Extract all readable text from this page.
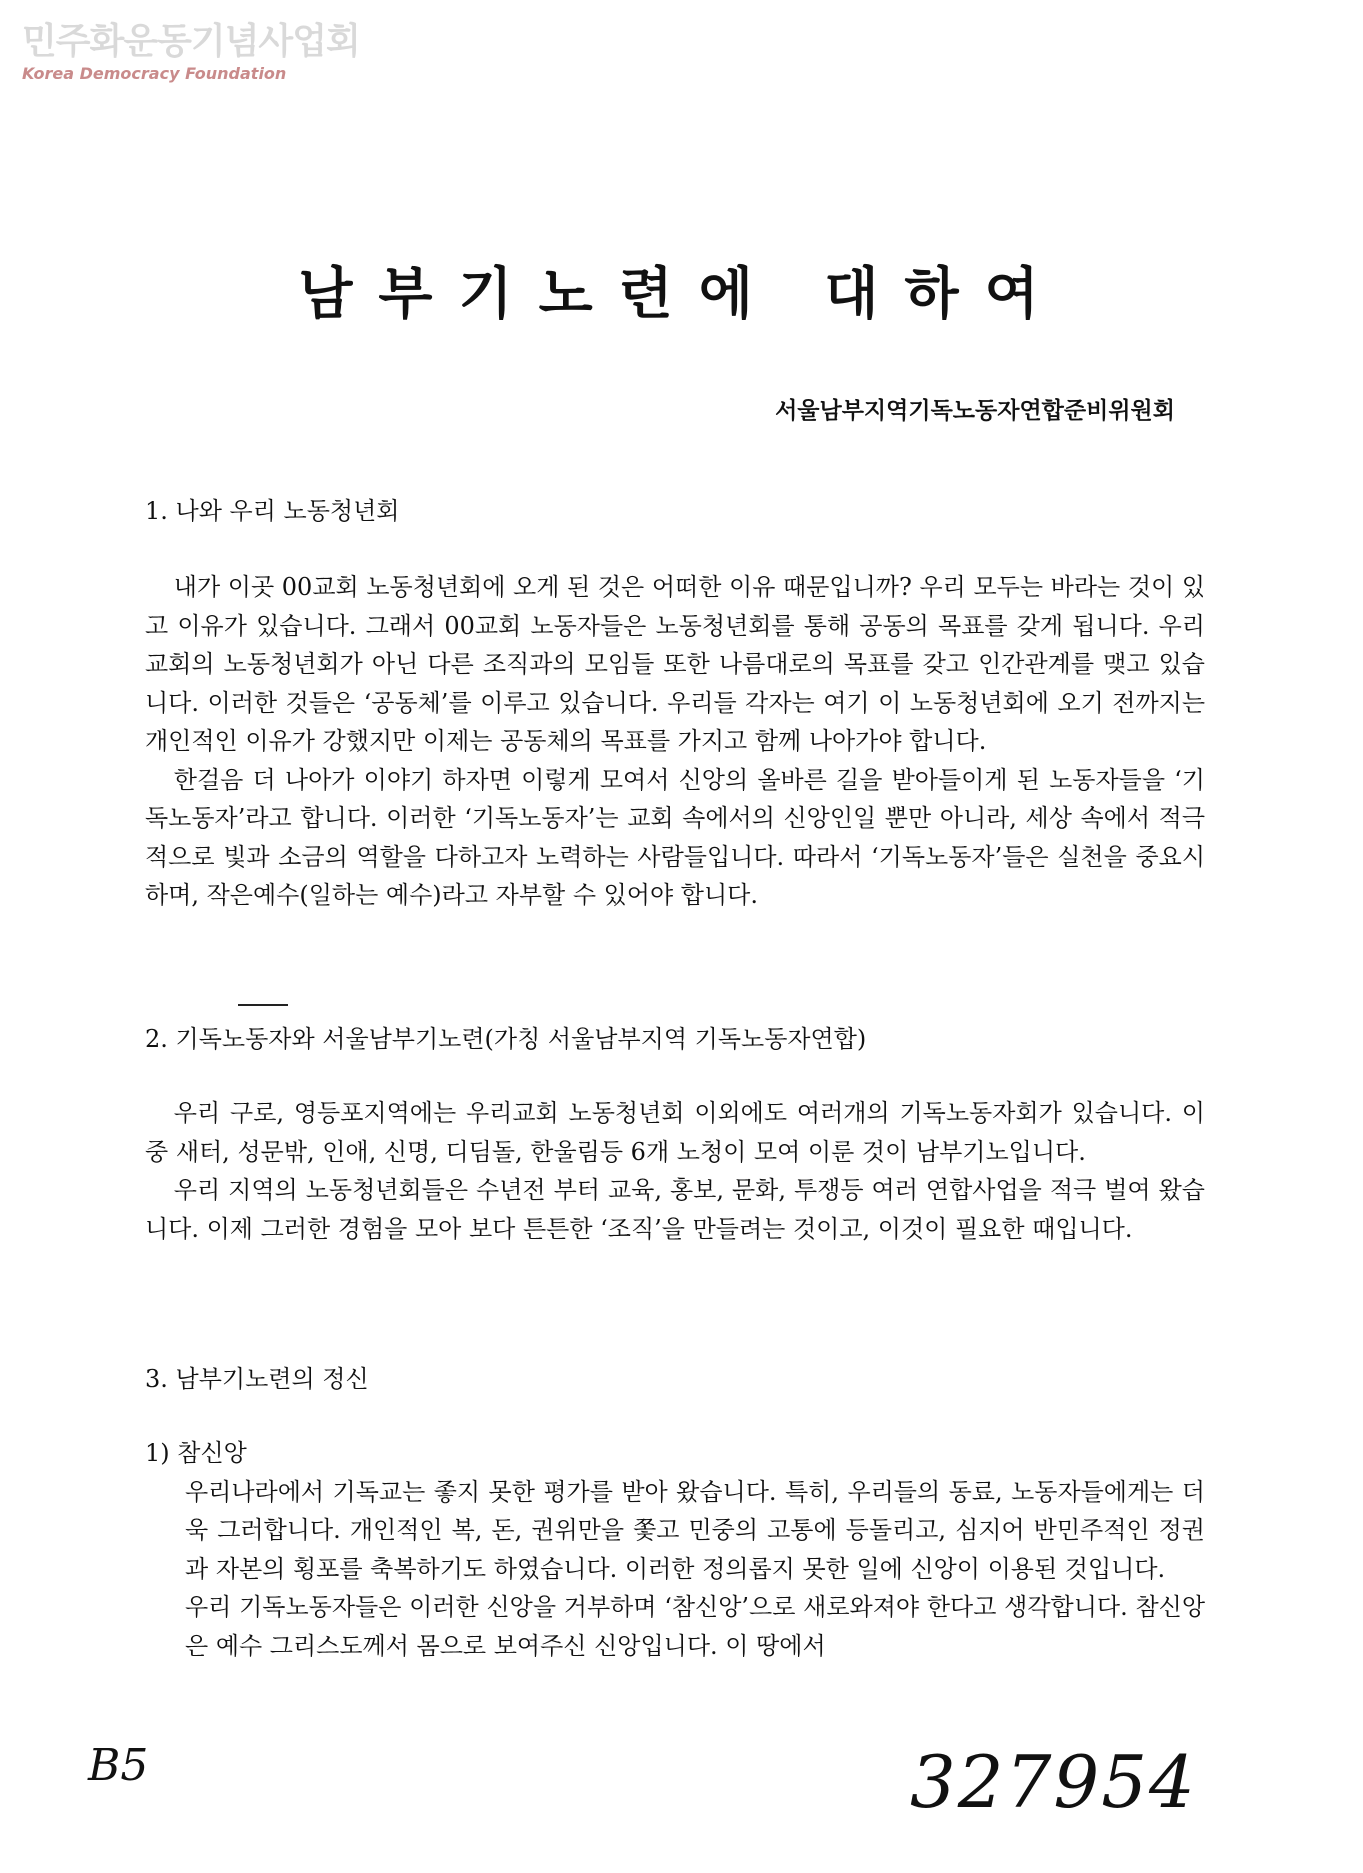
민주화운동기념사업회
Korea Democracy Foundation
남부기노련에 대하여
서울남부지역기독노동자연합준비위원회

1. 나와 우리 노동청년회

내가 이곳 00교회 노동청년회에 오게 된 것은 어떠한 이유 때문입니까? 우리 모두는 바라는 것이 있고 이유가 있습니다. 그래서 00교회 노동자들은 노동청년회를 통해 공동의 목표를 갖게 됩니다. 우리교회의 노동청년회가 아닌 다른 조직과의 모임들 또한 나름대로의 목표를 갖고 인간관계를 맺고 있습니다. 이러한 것들은 ‘공동체’를 이루고 있습니다. 우리들 각자는 여기 이 노동청년회에 오기 전까지는 개인적인 이유가 강했지만 이제는 공동체의 목표를 가지고 함께 나아가야 합니다.

한걸음 더 나아가 이야기 하자면 이렇게 모여서 신앙의 올바른 길을 받아들이게 된 노동자들을 ‘기독노동자’라고 합니다. 이러한 ‘기독노동자’는 교회 속에서의 신앙인일 뿐만 아니라, 세상 속에서 적극적으로 빛과 소금의 역할을 다하고자 노력하는 사람들입니다. 따라서 ‘기독노동자’들은 실천을 중요시하며, 작은예수(일하는 예수)라고 자부할 수 있어야 합니다.

2. 기독노동자와 서울남부기노련(가칭 서울남부지역 기독노동자연합)

우리 구로, 영등포지역에는 우리교회 노동청년회 이외에도 여러개의 기독노동자회가 있습니다. 이 중 새터, 성문밖, 인애, 신명, 디딤돌, 한울림등 6개 노청이 모여 이룬 것이 남부기노입니다.

우리 지역의 노동청년회들은 수년전 부터 교육, 홍보, 문화, 투쟁등 여러 연합사업을 적극 벌여 왔습니다. 이제 그러한 경험을 모아 보다 튼튼한 ‘조직’을 만들려는 것이고, 이것이 필요한 때입니다.

3. 남부기노련의 정신

1) 참신앙

우리나라에서 기독교는 좋지 못한 평가를 받아 왔습니다. 특히, 우리들의 동료, 노동자들에게는 더욱 그러합니다. 개인적인 복, 돈, 권위만을 쫓고 민중의 고통에 등돌리고, 심지어 반민주적인 정권과 자본의 횡포를 축복하기도 하였습니다. 이러한 정의롭지 못한 일에 신앙이 이용된 것입니다.

우리 기독노동자들은 이러한 신앙을 거부하며 ‘참신앙’으로 새로와져야 한다고 생각합니다. 참신앙은 예수 그리스도께서 몸으로 보여주신 신앙입니다. 이 땅에서

B5	327954
